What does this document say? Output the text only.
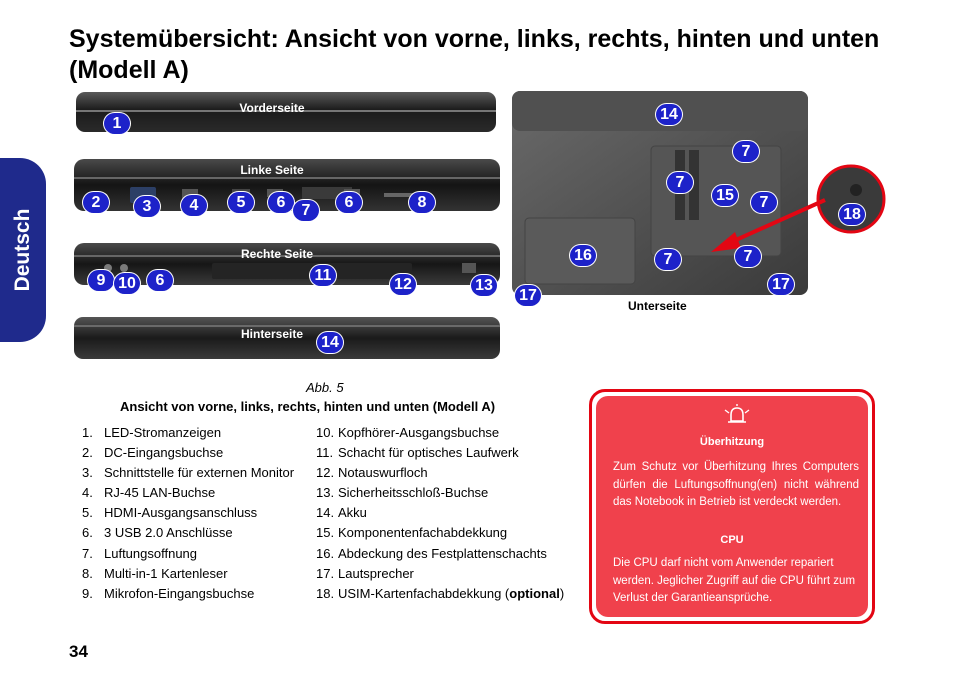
Systemübersicht: Ansicht von vorne, links, rechts, hinten und unten (Modell A)
Deutsch
Vorderseite
1
Linke Seite
2	3	4	5	6	7	6	8
Rechte Seite
9 10	6	11
12	13
Hinterseite 14
14
7
7
15	7
18
16	7	7
17
17
Unterseite
Abb. 5
Ansicht von vorne, links, rechts, hinten und unten (Modell A)
1. LED-Stromanzeigen
2. DC-Eingangsbuchse
3. Schnittstelle für externen Monitor
4. RJ-45 LAN-Buchse
5. HDMI-Ausgangsanschluss
6. 3 USB 2.0 Anschlüsse
7. Luftungsoffnung
8. Multi-in-1 Kartenleser
9. Mikrofon-Eingangsbuchse
10. Kopfhörer-Ausgangsbuchse
11. Schacht für optisches Laufwerk
12. Notauswurfloch
13. Sicherheitsschloß-Buchse
14. Akku
15. Komponentenfachabdekkung
16. Abdeckung des Festplattenschachts
17. Lautsprecher
18. USIM-Kartenfachabdekkung (optional)
Überhitzung
Zum Schutz vor Überhitzung Ihres Computers dürfen die Luftungsoffnung(en) nicht während das Notebook in Betrieb ist verdeckt werden.
CPU
Die CPU darf nicht vom Anwender repariert werden. Jeglicher Zugriff auf die CPU führt zum Verlust der Garantieansprüche.
34
